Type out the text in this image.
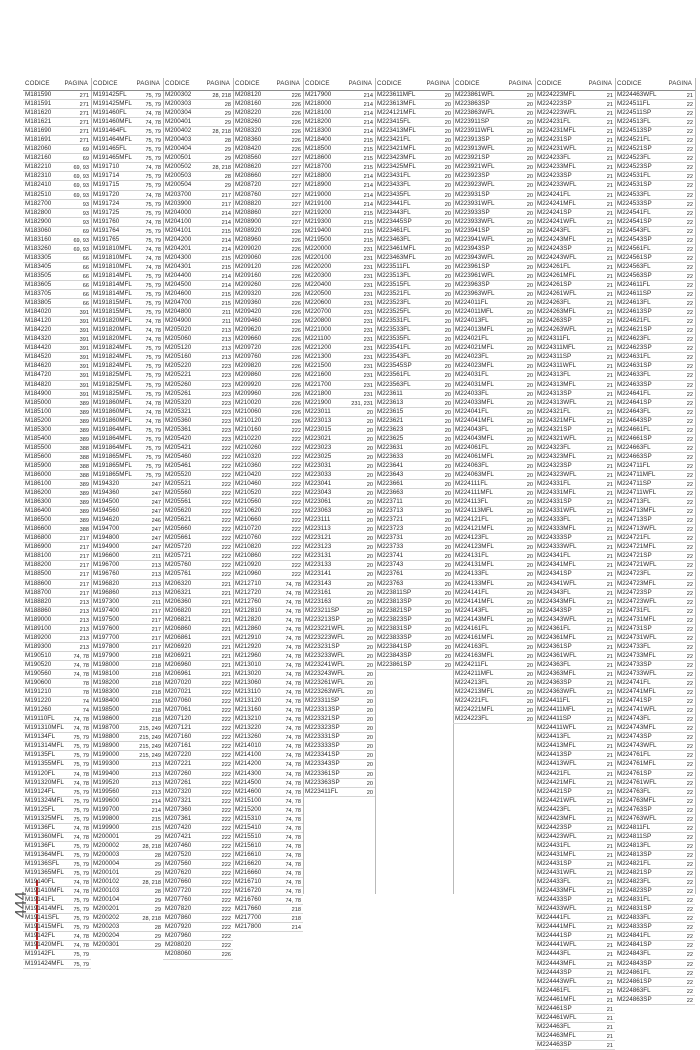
444
CODICE PAGINA
M181590	271
M181591	271
M181620	271
M181621	271
M181690	271
M181691	271
M182060	69
M182160	69
M182210	69, 93
M182310	69, 93
M182410	69, 93
M182510	69, 93
M182700	93
M182800	93
M182900	93
M183060	69
M183160	69, 93
M183260	69, 93
M183305	66
M183405	66
M183505	66
M183605	66
M183705	66
M183805	66
M184020	391
M184120	391
M184220	391
M184320	391
M184420	391
M184520	391
M184620	391
M184720	391
M184820	391
M184900	391
M185000	389
M185100	389
M185200	389
M185300	389
M185400	389
M185500	388
M185600	388
M185900	388
M186000	388
M186100	389
M186200	389
M186300	389
M186400	389
M186500	389
M186600	388
M186800	217
M186900	217
M188100	217
M188200	217
M188500	217
M188600	217
M188700	217
M188820	213
M188860	213
M189000	213
M189100	213
M189200	213
M189300	213
M190510	74, 78
M190520	74, 78
M190560	74, 78
M190600	78
M191210	78
M191220	74
M191260	74
M19110FL	74, 78
M191310MFL 74, 78
M19134FL	75, 79
M191314MFL 75, 79
M19135FL	75, 79
M191355MFL 75, 79
M19120FL	74, 78
M191320MFL 74, 78
M19124FL	75, 79
M191324MFL 75, 79
M19125FL	75, 79
M191325MFL 75, 79
M19136FL	74, 78
M191360MFL 74, 78
M19136FL	75, 79
M191364MFL 75, 79
M19136SFL	75, 79
M191365MFL 75, 79
M19140FL	74, 78
M191410MFL 74, 78
M19141FL	75, 79
M191414MFL 75, 79
M19141SFL	75, 79
M191415MFL 75, 79
M19142FL	74, 78
M191420MFL 74, 78
M19142FL	75, 79
M191424MFL 75, 79
CODICE	PAGINA
M191425FL	75, 79
M191425MFL 75, 79
M191460FL	74, 78
M191460MFL 74, 78
M191464FL	75, 79
M191464MFL 75, 79
M191465FL	75, 79
M191465MFL 75, 79
M191710	74, 78
M191714	75, 79
M191715	75, 79
M191720	74, 78
M191724	75, 79
M191725	75, 79
M191760	74, 78
M191764	75, 79
M191765	75, 79
M191810MFL 74, 78
M191810MFL 74, 78
M191810MFL 74, 78
M191814MFL 75, 79
M191814MFL 75, 79
M191814MFL 75, 79
M191815MFL 75, 79
M191815MFL 75, 79
M191820MFL 74, 78
M191820MFL 74, 78
M191820MFL 74, 78
M191824MFL 75, 79
M191824MFL 75, 79
M191824MFL 75, 79
M191825MFL 75, 79
M191825MFL 75, 79
M191825MFL 75, 79
M191860MFL 74, 78
M191860MFL 74, 78
M191860MFL 74, 78
M191864MFL 75, 79
M191864MFL 75, 79
M191864MFL 75, 79
M191865MFL 75, 79
M191865MFL 75, 79
M191865MFL 75, 79
M194320	247
M194360	247
M194500	247
M194560	247
M194620	246
M194700	247
M194800	247
M194900	247
M196600	211
M196700	213
M196760	213
M196820	213
M196860	213
M197300	211
M197400	217
M197500	217
M197600	217
M197700	217
M197800	217
M197900	218
M198000	218
M198100	218
M198200	218
M198300	218
M198400	218
M198500	218
M198600	218
M198700	215, 249
M198800	215, 249
M198900	215, 249
M199000	215, 249
M199300	213
M199400	213
M199520	213
M199560	213
M199600	214
M199700	214
M199800	215
M199900	215
M200001	29
M200002	28, 218
M200003	28
M200004	29
M200101	29
M200102	28, 218
M200103	28
M200104	29
M200201	29
M200202	28, 218
M200203	28
M200204	29
M200301	29
CODICE	PAGINA
M200302	28, 218
M200303	28
M200304	29
M200401	29
M200402	28, 218
M200403	28
M200404	29
M200501	29
M200502	28, 218
M200503	28
M200504	29
M203700	217
M203900	217
M204000	214
M204100	214
M204101	215
M204200	214
M204201	214
M204300	215
M204301	215
M204400	214
M204500	214
M204600	215
M204700	215
M204800	211
M204900	211
M205020	213
M205060	213
M205120	213
M205160	213
M205220	223
M205221	223
M205260	223
M205261	223
M205320	223
M205321	223
M205360	223
M205361	223
M205420	223
M205421	222
M205460	222
M205461	222
M205520	222
M205521	222
M205560	222
M205561	222
M205620	222
M205621	222
M205660	222
M205661	222
M205720	222
M205721	222
M205760	222
M205761	222
M206320	221
M206321	221
M206360	221
M206820	221
M206821	221
M206860	221
M206861	221
M206920	221
M206921	221
M206960	221
M206961	221
M207020	222
M207021	222
M207060	222
M207061	222
M207120	222
M207121	222
M207160	222
M207161	222
M207220	222
M207221	222
M207260	222
M207261	222
M207320	222
M207321	222
M207360	222
M207361	222
M207420	222
M207421	222
M207460	222
M207520	222
M207560	222
M207620	222
M207660	222
M207720	222
M207760	222
M207820	222
M207860	222
M207920	222
M207960	222
M208020	222
M208060	226
CODICE	PAGINA
M208120	226
M208160	226
M208220	226
M208260	226
M208320	226
M208360	226
M208420	226
M208560	227
M208620	227
M208660	227
M208720	227
M208760	227
M208820	227
M208860	227
M208900	227
M208920	226
M208960	226
M209020	226
M209060	226
M209120	226
M209160	226
M209260	226
M209320	226
M209360	226
M209420	226
M209460	226
M209620	226
M209660	226
M209720	226
M209760	226
M209820	226
M209860	226
M209920	226
M209960	226
M210020	226
M210060	226
M210120	226
M210160	222
M210220	222
M210260	222
M210320	222
M210360	222
M210420	222
M210460	222
M210520	222
M210560	222
M210620	222
M210660	222
M210720	222
M210760	222
M210820	222
M210860	222
M210920	222
M210960	222
M212710	74, 78
M212720	74, 78
M212760	74, 78
M212810	74, 78
M212820	74, 78
M212860	74, 78
M212910	74, 78
M212920	74, 78
M212960	74, 78
M213010	74, 78
M213020	74, 78
M213060	74, 78
M213110	74, 78
M213120	74, 78
M213160	74, 78
M213210	74, 78
M213220	74, 78
M213260	74, 78
M214010	74, 78
M214100	74, 78
M214200	74, 78
M214300	74, 78
M214500	74, 78
M214600	74, 78
M215100	74, 78
M215200	74, 78
M215310	74, 78
M215410	74, 78
M215510	74, 78
M215610	74, 78
M216610	74, 78
M216620	74, 78
M216660	74, 78
M216710	74, 78
M216720	74, 78
M216760	74, 78
M217660	218
M217700	218
M217800	214
CODICE	PAGINA
M217900	214
M218000	214
M218100	214
M218200	214
M218300	214
M218400	215
M218500	215
M218600	215
M218700	215
M218800	214
M218900	214
M219000	214
M219100	214
M219200	215
M219300	215
M219400	215
M219500	215
M220000	231
M220100	231
M220200	231
M220300	231
M220400	231
M220500	231
M220600	231
M220700	231
M220800	231
M221000	231
M221100	231
M221200	231
M221300	231
M221500	231
M221600	231
M221700	231
M221800	231
M221900	231, 231
M223011	20
M223013	20
M223015	20
M223021	20
M223023	20
M223025	20
M223031	20
M223033	20
M223041	20
M223043	20
M223061	20
M223063	20
M223111	20
M223113	20
M223121	20
M223123	20
M223131	20
M223133	20
M223141	20
M223143	20
M223161	20
M223163	20
M223211SP	20
M223213SP	20
M223221WFL	20
M223223WFL	20
M223231SP	20
M223233WFL	20
M223241WFL	20
M223243WFL	20
M223261WFL	20
M223263WFL	20
M223311SP	20
M223313SP	20
M223321SP	20
M223323SP	20
M223331SP	20
M223333SP	20
M223341SP	20
M223343SP	20
M223361SP	20
M223363SP	20
M223411FL	20
CODICE	PAGINA
M223611MFL	20
M223613MFL	20
M224121MFL	20
M223415FL	20
M223413MFL	20
M223421FL	20
M223421MFL	20
M223423MFL	20
M223425MFL	20
M223431FL	20
M223433FL	20
M223435FL	20
M223441FL	20
M223443FL	20
M223445SP	20
M223461FL	20
M223463FL	20
M223461MFL	20
M223463MFL	20
M223511FL	20
M223513FL	20
M223515FL	20
M223521FL	20
M223523FL	20
M223525FL	20
M223531FL	20
M223533FL	20
M223535FL	20
M223541FL	20
M223543FL	20
M223545SP	20
M223561FL	20
M223563FL	20
M223611	20
M223613	20
M223615	20
M223621	20
M223623	20
M223625	20
M223631	20
M223633	20
M223641	20
M223643	20
M223661	20
M223663	20
M223711	20
M223713	20
M223721	20
M223723	20
M223731	20
M223733	20
M223741	20
M223743	20
M223761	20
M223763	20
M223811SP	20
M223813SP	20
M223821SP	20
M223823SP	20
M223831SP	20
M223833SP	20
M223841SP	20
M223843SP	20
M223861SP	20
CODICE	PAGINA
M223861WFL	20
M223863SP	20
M223863WFL	20
M223911SP	20
M223911WFL	20
M223913SP	20
M223913WFL	20
M223921SP	20
M223921WFL	20
M223923SP	20
M223923WFL	20
M223931SP	20
M223931WFL	20
M223933SP	20
M223933WFL	20
M223941SP	20
M223941WFL	20
M223943SP	20
M223943WFL	20
M223961SP	20
M223961WFL	20
M223963SP	20
M223963WFL	20
M224011FL	20
M224011MFL	20
M224013FL	20
M224013MFL	20
M224021FL	20
M224021MFL	20
M224023FL	20
M224023MFL	20
M224031FL	20
M224031MFL	20
M224033FL	20
M224033MFL	20
M224041FL	20
M224041MFL	20
M224043FL	20
M224043MFL	20
M224061FL	20
M224061MFL	20
M224063FL	20
M224063MFL	20
M224111FL	20
M224111MFL	20
M224113FL	20
M224113MFL	20
M224121FL	20
M224121MFL	20
M224123FL	20
M224123MFL	20
M224131FL	20
M224131MFL	20
M224133FL	20
M224133MFL	20
M224141FL	20
M224141MFL	20
M224143FL	20
M224143MFL	20
M224161FL	20
M224161MFL	20
M224163FL	20
M224163MFL	20
M224211FL	20
M224211MFL	20
M224213FL	20
M224213MFL	20
M224221FL	20
M224221MFL	20
M224223FL	20
CODICE	PAGINA
M224223MFL	21
M224223SP	21
M224223WFL	21
M224231FL	21
M224231MFL	21
M224231SP	21
M224231WFL	21
M224233FL	21
M224233MFL	21
M224233SP	21
M224233WFL	21
M224241FL	21
M224241MFL	21
M224241SP	21
M224241WFL	21
M224243FL	21
M224243MFL	21
M224243SP	21
M224243WFL	21
M224261FL	21
M224261MFL	21
M224261SP	21
M224261WFL	21
M224263FL	21
M224263MFL	21
M224263SP	21
M224263WFL	21
M224311FL	21
M224311MFL	21
M224311SP	21
M224311WFL	21
M224313FL	21
M224313MFL	21
M224313SP	21
M224313WFL	21
M224321FL	21
M224321MFL	21
M224321SP	21
M224321WFL	21
M224323FL	21
M224323MFL	21
M224323SP	21
M224323WFL	21
M224331FL	21
M224331MFL	21
M224331SP	21
M224331WFL	21
M224333FL	21
M224333MFL	21
M224333SP	21
M224333WFL	21
M224341FL	21
M224341MFL	21
M224341SP	21
M224341WFL	21
M224343FL	21
M224343MFL	21
M224343SP	21
M224343WFL	21
M224361FL	21
M224361MFL	21
M224361SP	21
M224361WFL	21
M224363FL	21
M224363MFL	21
M224363SP	21
M224363WFL	21
M224411FL	21
M224411MFL	21
M224411SP	21
M224411WFL	21
M224413FL	21
M224413MFL	21
M224413SP	21
M224413WFL	21
M224421FL	21
M224421MFL	21
M224421SP	21
M224421WFL	21
M224423FL	21
M224423MFL	21
M224423SP	21
M224423WFL	21
M224431FL	21
M224431MFL	21
M224431SP	21
M224431WFL	21
M224433FL	21
M224433MFL	21
M224433SP	21
M224433WFL	21
M224441FL	21
M224441MFL	21
M224441SP	21
M224441WFL	21
M224443FL	21
M224443MFL	21
M224443SP	21
M224443WFL	21
M224461FL	21
M224461MFL	21
M224461SP	21
M224461WFL	21
M224463FL	21
M224463MFL	21
M224463SP	21
CODICE	PAGINA
M224463WFL	21
M224511FL	22
M224511SP	22
M224513FL	22
M224513SP	22
M224521FL	22
M224521SP	22
M224523FL	22
M224523SP	22
M224531FL	22
M224531SP	22
M224533FL	22
M224533SP	22
M224541FL	22
M224541SP	22
M224543FL	22
M224543SP	22
M224561FL	22
M224561SP	22
M224563FL	22
M224563SP	22
M224611FL	22
M224611SP	22
M224613FL	22
M224613SP	22
M224621FL	22
M224621SP	22
M224623FL	22
M224623SP	22
M224631FL	22
M224631SP	22
M224633FL	22
M224633SP	22
M224641FL	22
M224641SP	22
M224643FL	22
M224643SP	22
M224661FL	22
M224661SP	22
M224663FL	22
M224663SP	22
M224711FL	22
M224711MFL	22
M224711SP	22
M224711WFL	22
M224713FL	22
M224713MFL	22
M224713SP	22
M224713WFL	22
M224721FL	22
M224721MFL	22
M224721SP	22
M224721WFL	22
M224723FL	22
M224723MFL	22
M224723SP	22
M224723WFL	22
M224731FL	22
M224731MFL	22
M224731SP	22
M224731WFL	22
M224733FL	22
M224733MFL	22
M224733SP	22
M224733WFL	22
M224741FL	22
M224741MFL	22
M224741SP	22
M224741WFL	22
M224743FL	22
M224743MFL	22
M224743SP	22
M224743WFL	22
M224761FL	22
M224761MFL	22
M224761SP	22
M224761WFL	22
M224763FL	22
M224763MFL	22
M224763SP	22
M224763WFL	22
M224811FL	22
M224811SP	22
M224813FL	22
M224813SP	22
M224821FL	22
M224821SP	22
M224823FL	22
M224823SP	22
M224831FL	22
M224831SP	22
M224833FL	22
M224833SP	22
M224841FL	22
M224841SP	22
M224843FL	22
M224843SP	22
M224861FL	22
M224861SP	22
M224863FL	22
M224863SP	22
